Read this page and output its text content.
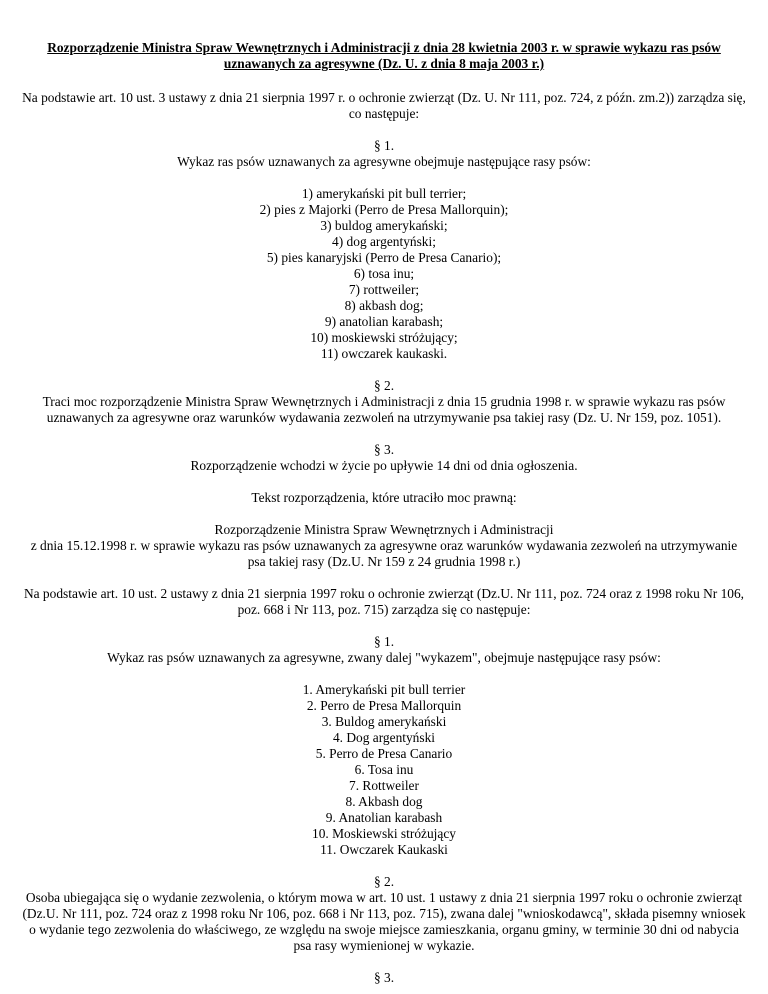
Rozporządzenie Ministra Spraw Wewnętrznych i Administracji z dnia 28 kwietnia 2003 r. w sprawie wykazu ras psów uznawanych za agresywne (Dz. U. z dnia 8 maja 2003 r.)

Na podstawie art. 10 ust. 3 ustawy z dnia 21 sierpnia 1997 r. o ochronie zwierząt (Dz. U. Nr 111, poz. 724, z późn. zm.2)) zarządza się, co następuje:

§ 1.
Wykaz ras psów uznawanych za agresywne obejmuje następujące rasy psów:
1) amerykański pit bull terrier;
2) pies z Majorki (Perro de Presa Mallorquin);
3) buldog amerykański;
4) dog argentyński;
5) pies kanaryjski (Perro de Presa Canario);
6) tosa inu;
7) rottweiler;
8) akbash dog;
9) anatolian karabash;
10) moskiewski stróżujący;
11) owczarek kaukaski.
§ 2.
Traci moc rozporządzenie Ministra Spraw Wewnętrznych i Administracji z dnia 15 grudnia 1998 r. w sprawie wykazu ras psów uznawanych za agresywne oraz warunków wydawania zezwoleń na utrzymywanie psa takiej rasy (Dz. U. Nr 159, poz. 1051).
§ 3.
Rozporządzenie wchodzi w życie po upływie 14 dni od dnia ogłoszenia.

Tekst rozporządzenia, które utraciło moc prawną:

Rozporządzenie Ministra Spraw Wewnętrznych i Administracji
z dnia 15.12.1998 r. w sprawie wykazu ras psów uznawanych za agresywne oraz warunków wydawania zezwoleń na utrzymywanie psa takiej rasy (Dz.U. Nr 159 z 24 grudnia 1998 r.)

Na podstawie art. 10 ust. 2 ustawy z dnia 21 sierpnia 1997 roku o ochronie zwierząt (Dz.U. Nr 111, poz. 724 oraz z 1998 roku Nr 106, poz. 668 i Nr 113, poz. 715) zarządza się co następuje:

§ 1.
Wykaz ras psów uznawanych za agresywne, zwany dalej "wykazem", obejmuje następujące rasy psów:
1. Amerykański pit bull terrier
2. Perro de Presa Mallorquin
3. Buldog amerykański
4. Dog argentyński
5. Perro de Presa Canario
6. Tosa inu
7. Rottweiler
8. Akbash dog
9. Anatolian karabash
10. Moskiewski stróżujący
11. Owczarek Kaukaski
§ 2.
Osoba ubiegająca się o wydanie zezwolenia, o którym mowa w art. 10 ust. 1 ustawy z dnia 21 sierpnia 1997 roku o ochronie zwierząt (Dz.U. Nr 111, poz. 724 oraz z 1998 roku Nr 106, poz. 668 i Nr 113, poz. 715), zwana dalej "wnioskodawcą", składa pisemny wniosek o wydanie tego zezwolenia do właściwego, ze względu na swoje miejsce zamieszkania, organu gminy, w terminie 30 dni od nabycia psa rasy wymienionej w wykazie.
§ 3.
